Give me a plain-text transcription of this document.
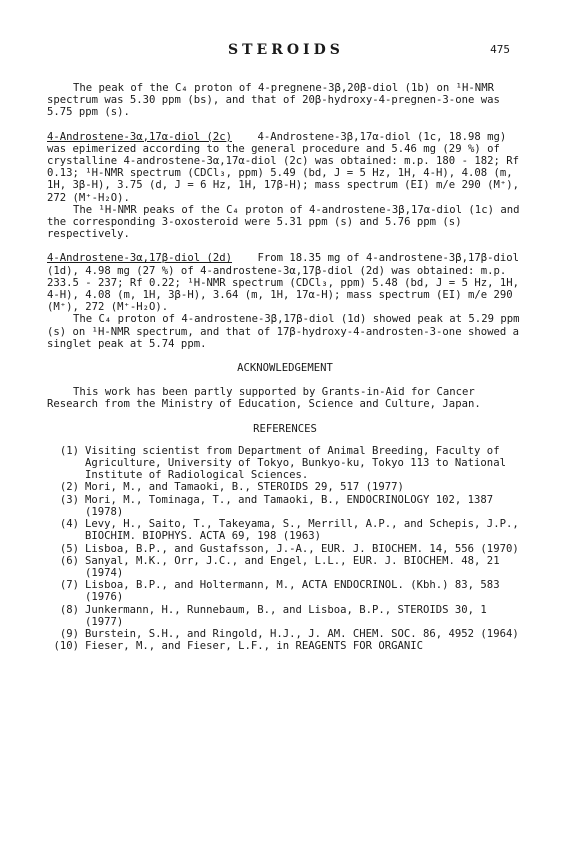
STEROIDS	475

The peak of the C₄ proton of 4-pregnene-3β,20β-diol (1b) on ¹H-NMR spectrum was 5.30 ppm (bs), and that of 20β-hydroxy-4-pregnen-3-one was 5.75 ppm (s).

4-Androstene-3α,17α-diol (2c) 4-Androstene-3β,17α-diol (1c, 18.98 mg) was epimerized according to the general procedure and 5.46 mg (29 %) of crystalline 4-androstene-3α,17α-diol (2c) was obtained: m.p. 180 - 182; Rf 0.13; ¹H-NMR spectrum (CDCl₃, ppm) 5.49 (bd, J = 5 Hz, 1H, 4-H), 4.08 (m, 1H, 3β-H), 3.75 (d, J = 6 Hz, 1H, 17β-H); mass spectrum (EI) m/e 290 (M⁺), 272 (M⁺-H₂O).

The ¹H-NMR peaks of the C₄ proton of 4-androstene-3β,17α-diol (1c) and the corresponding 3-oxosteroid were 5.31 ppm (s) and 5.76 ppm (s) respectively.

4-Androstene-3α,17β-diol (2d) From 18.35 mg of 4-androstene-3β,17β-diol (1d), 4.98 mg (27 %) of 4-androstene-3α,17β-diol (2d) was obtained: m.p. 233.5 - 237; Rf 0.22; ¹H-NMR spectrum (CDCl₃, ppm) 5.48 (bd, J = 5 Hz, 1H, 4-H), 4.08 (m, 1H, 3β-H), 3.64 (m, 1H, 17α-H); mass spectrum (EI) m/e 290 (M⁺), 272 (M⁺-H₂O).

The C₄ proton of 4-androstene-3β,17β-diol (1d) showed peak at 5.29 ppm (s) on ¹H-NMR spectrum, and that of 17β-hydroxy-4-androsten-3-one showed a singlet peak at 5.74 ppm.

ACKNOWLEDGEMENT

This work has been partly supported by Grants-in-Aid for Cancer Research from the Ministry of Education, Science and Culture, Japan.

REFERENCES
(1) Visiting scientist from Department of Animal Breeding, Faculty of Agriculture, University of Tokyo, Bunkyo-ku, Tokyo 113 to National Institute of Radiological Sciences.
(2) Mori, M., and Tamaoki, B., STEROIDS 29, 517 (1977)
(3) Mori, M., Tominaga, T., and Tamaoki, B., ENDOCRINOLOGY 102, 1387 (1978)
(4) Levy, H., Saito, T., Takeyama, S., Merrill, A.P., and Schepis, J.P., BIOCHIM. BIOPHYS. ACTA 69, 198 (1963)
(5) Lisboa, B.P., and Gustafsson, J.-A., EUR. J. BIOCHEM. 14, 556 (1970)
(6) Sanyal, M.K., Orr, J.C., and Engel, L.L., EUR. J. BIOCHEM. 48, 21 (1974)
(7) Lisboa, B.P., and Holtermann, M., ACTA ENDOCRINOL. (Kbh.) 83, 583 (1976)
(8) Junkermann, H., Runnebaum, B., and Lisboa, B.P., STEROIDS 30, 1 (1977)
(9) Burstein, S.H., and Ringold, H.J., J. AM. CHEM. SOC. 86, 4952 (1964)
(10) Fieser, M., and Fieser, L.F., in REAGENTS FOR ORGANIC
